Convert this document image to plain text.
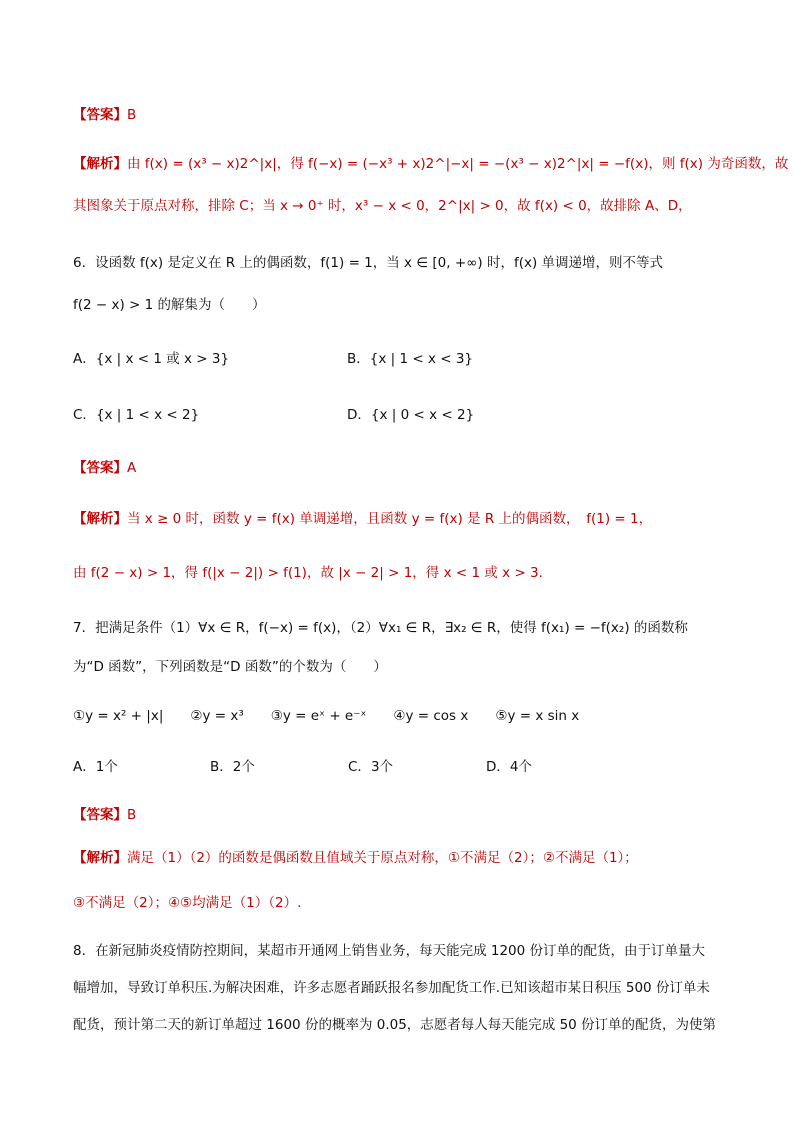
【答案】B
【解析】由 f(x) = (x³ − x)2^|x|，得 f(−x) = (−x³ + x)2^|−x| = −(x³ − x)2^|x| = −f(x)，则 f(x) 为奇函数，故
其图象关于原点对称，排除 C；当 x → 0⁺ 时，x³ − x < 0，2^|x| > 0，故 f(x) < 0，故排除 A、D，
6．设函数 f(x) 是定义在 R 上的偶函数，f(1) = 1，当 x ∈ [0, +∞) 时，f(x) 单调递增，则不等式
f(2 − x) > 1 的解集为（　　）
A．{x | x < 1 或 x > 3}	B．{x | 1 < x < 3}
C．{x | 1 < x < 2}	D．{x | 0 < x < 2}
【答案】A
【解析】当 x ≥ 0 时，函数 y = f(x) 单调递增，且函数 y = f(x) 是 R 上的偶函数，　f(1) = 1，
由 f(2 − x) > 1，得 f(|x − 2|) > f(1)，故 |x − 2| > 1，得 x < 1 或 x > 3.
7．把满足条件（1）∀x ∈ R，f(−x) = f(x)，（2）∀x₁ ∈ R，∃x₂ ∈ R，使得 f(x₁) = −f(x₂) 的函数称
为“D 函数”，下列函数是“D 函数”的个数为（　　）
①y = x² + |x|　　②y = x³　　③y = eˣ + e⁻ˣ　　④y = cos x　　⑤y = x sin x
A．1个	B．2个	C．3个	D．4个
【答案】B
【解析】满足（1）（2）的函数是偶函数且值域关于原点对称，①不满足（2）；②不满足（1）；
③不满足（2）；④⑤均满足（1）（2）.
8．在新冠肺炎疫情防控期间，某超市开通网上销售业务，每天能完成 1200 份订单的配货，由于订单量大
幅增加，导致订单积压.为解决困难，许多志愿者踊跃报名参加配货工作.已知该超市某日积压 500 份订单未
配货，预计第二天的新订单超过 1600 份的概率为 0.05，志愿者每人每天能完成 50 份订单的配货，为使第
